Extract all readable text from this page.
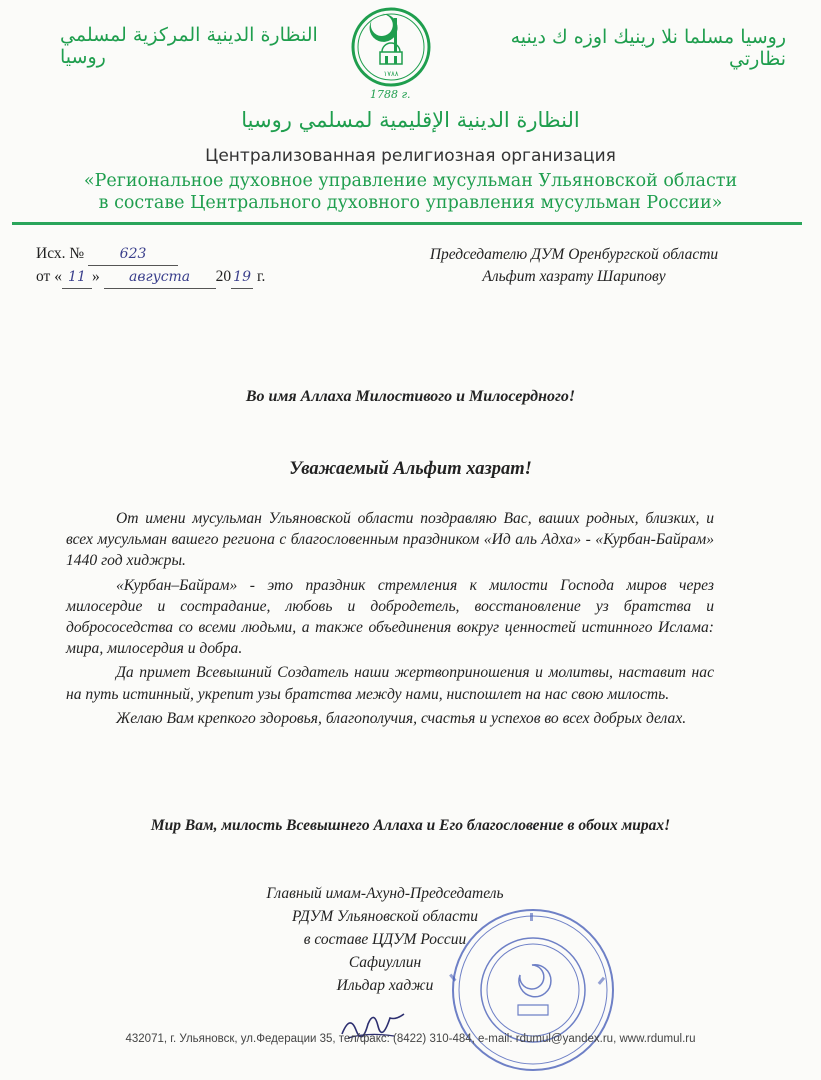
النظارة الدينية المركزية لمسلمي روسيا
١٧٨٨
روسيا مسلما نلا رينيك اوزه ك دينيه نظارتي
1788 г.
النظارة الدينية الإقليمية لمسلمي روسيا
Централизованная религиозная организация
«Региональное духовное управление мусульман Ульяновской области
в составе Центрального духовного управления мусульман России»
Исх. №	623
от « 11 » августа 20 19 г.
Председателю ДУМ Оренбургской области
Альфит хазрату Шарипову
Во имя Аллаха Милостивого и Милосердного!
Уважаемый Альфит хазрат!

От имени мусульман Ульяновской области поздравляю Вас, ваших родных, близких, и всех мусульман вашего региона с благословенным праздником «Ид аль Адха» - «Курбан-Байрам» 1440 год хиджры.

«Курбан–Байрам» - это праздник стремления к милости Господа миров через милосердие и сострадание, любовь и добродетель, восстановление уз братства и добрососедства со всеми людьми, а также объединения вокруг ценностей истинного Ислама: мира, милосердия и добра.

Да примет Всевышний Создатель наши жертвоприношения и молитвы, наставит нас на путь истинный, укрепит узы братства между нами, ниспошлет на нас свою милость.

Желаю Вам крепкого здоровья, благополучия, счастья и успехов во всех добрых делах.

Мир Вам, милость Всевышнего Аллаха и Его благословение в обоих мирах!
Главный имам-Ахунд-Председатель
РДУМ Ульяновской области
в составе ЦДУМ России
Сафиуллин
Ильдар хаджи
432071, г. Ульяновск, ул.Федерации 35, тел/факс: (8422) 310-484, e-mail: rdumul@yandex.ru, www.rdumul.ru
